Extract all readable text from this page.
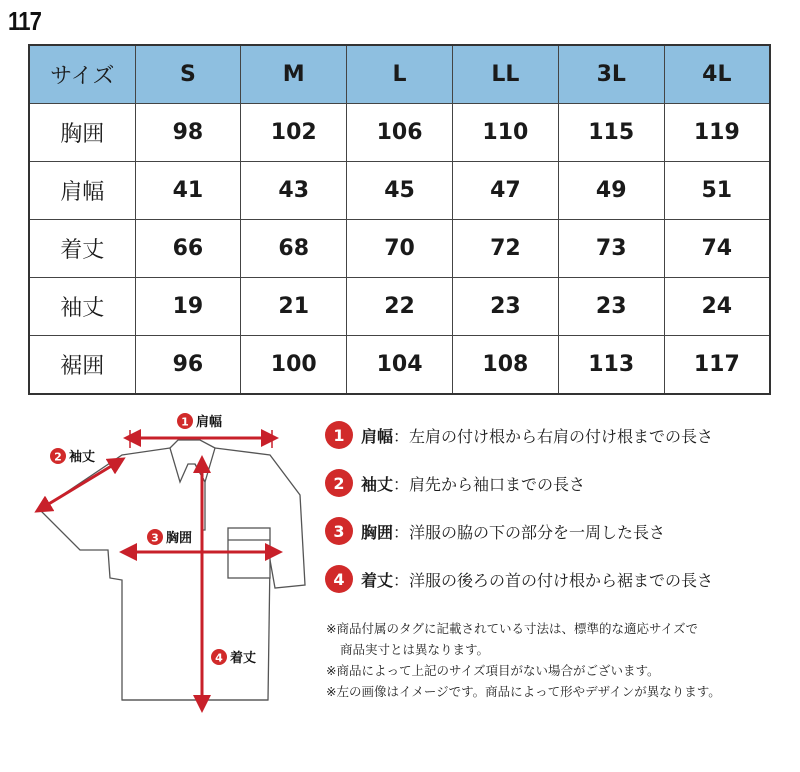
117
サイズ	S	M	L	LL	3L	4L
胸囲	98	102	106	110	115	119
肩幅	41	43	45	47	49	51
着丈	66	68	70	72	73	74
袖丈	19	21	22	23	23	24
裾囲	96	100	104	108	113	117
1 肩幅
2 袖丈
3 胸囲
4 着丈
1	肩幅 ：左肩の付け根から右肩の付け根までの長さ
2	袖丈 ：肩先から袖口までの長さ
3	胸囲 ：洋服の脇の下の部分を一周した長さ
4	着丈 ：洋服の後ろの首の付け根から裾までの長さ
※商品付属のタグに記載されている寸法は、標準的な適応サイズで
商品実寸とは異なります。
※商品によって上記のサイズ項目がない場合がございます。
※左の画像はイメージです。商品によって形やデザインが異なります。
